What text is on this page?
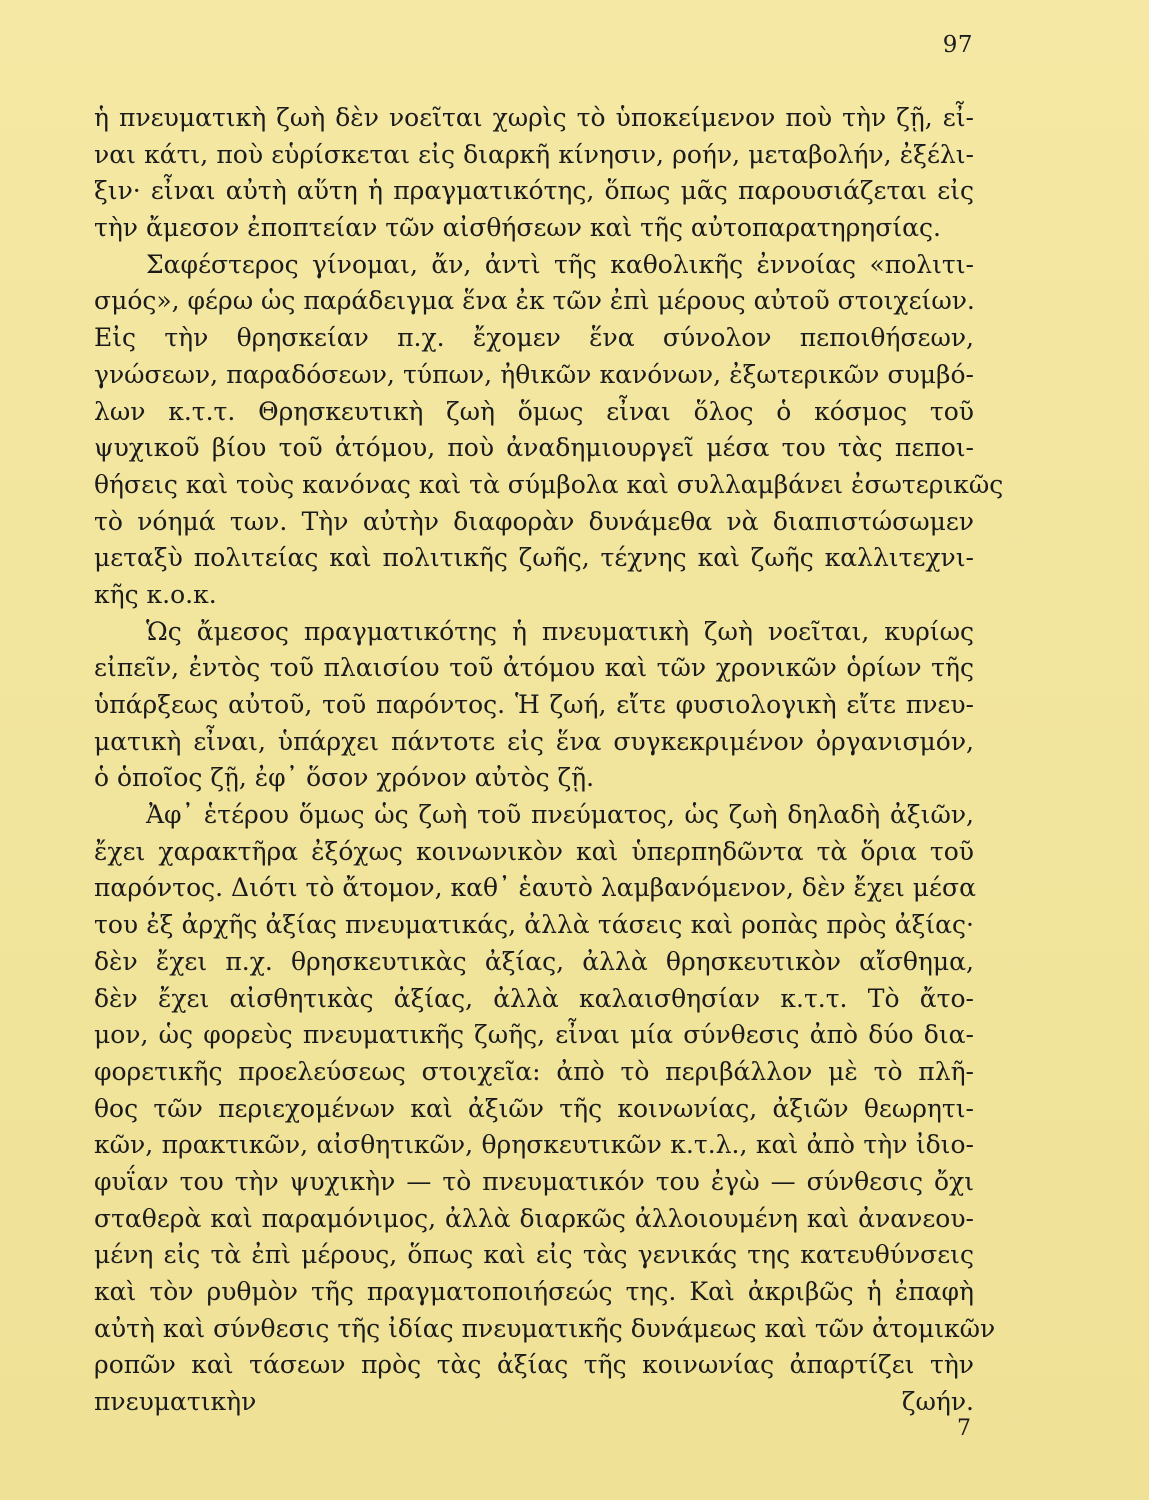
97
ἡ πνευματικὴ ζωὴ δὲν νοεῖται χωρὶς τὸ ὑποκείμενον ποὺ τὴν ζῇ, εἶ-
ναι κάτι, ποὺ εὑρίσκεται εἰς διαρκῆ κίνησιν, ροήν, μεταβολήν, ἐξέλι-
ξιν· εἶναι αὐτὴ αὕτη ἡ πραγματικότης, ὅπως μᾶς παρουσιάζεται εἰς
τὴν ἄμεσον ἐποπτείαν τῶν αἰσθήσεων καὶ τῆς αὐτοπαρατηρησίας.
Σαφέστερος γίνομαι, ἄν, ἀντὶ τῆς καθολικῆς ἐννοίας «πολιτι-
σμός», φέρω ὡς παράδειγμα ἕνα ἐκ τῶν ἐπὶ μέρους αὐτοῦ στοιχείων.
Εἰς τὴν θρησκείαν π.χ. ἔχομεν ἕνα σύνολον πεποιθήσεων,
γνώσεων, παραδόσεων, τύπων, ἠθικῶν κανόνων, ἐξωτερικῶν συμβό-
λων κ.τ.τ. Θρησκευτικὴ ζωὴ ὅμως εἶναι ὅλος ὁ κόσμος τοῦ
ψυχικοῦ βίου τοῦ ἀτόμου, ποὺ ἀναδημιουργεῖ μέσα του τὰς πεποι-
θήσεις καὶ τοὺς κανόνας καὶ τὰ σύμβολα καὶ συλλαμβάνει ἐσωτερικῶς
τὸ νόημά των. Τὴν αὐτὴν διαφορὰν δυνάμεθα νὰ διαπιστώσωμεν
μεταξὺ πολιτείας καὶ πολιτικῆς ζωῆς, τέχνης καὶ ζωῆς καλλιτεχνι-
κῆς κ.ο.κ.
Ὡς ἄμεσος πραγματικότης ἡ πνευματικὴ ζωὴ νοεῖται, κυρίως
εἰπεῖν, ἐντὸς τοῦ πλαισίου τοῦ ἀτόμου καὶ τῶν χρονικῶν ὁρίων τῆς
ὑπάρξεως αὐτοῦ, τοῦ παρόντος. Ἡ ζωή, εἴτε φυσιολογικὴ εἴτε πνευ-
ματικὴ εἶναι, ὑπάρχει πάντοτε εἰς ἕνα συγκεκριμένον ὀργανισμόν,
ὁ ὁποῖος ζῇ, ἐφ᾽ ὅσον χρόνον αὐτὸς ζῇ.
Ἀφ᾽ ἑτέρου ὅμως ὡς ζωὴ τοῦ πνεύματος, ὡς ζωὴ δηλαδὴ ἀξιῶν,
ἔχει χαρακτῆρα ἐξόχως κοινωνικὸν καὶ ὑπερπηδῶντα τὰ ὅρια τοῦ
παρόντος. Διότι τὸ ἄτομον, καθ᾽ ἑαυτὸ λαμβανόμενον, δὲν ἔχει μέσα
του ἐξ ἀρχῆς ἀξίας πνευματικάς, ἀλλὰ τάσεις καὶ ροπὰς πρὸς ἀξίας·
δὲν ἔχει π.χ. θρησκευτικὰς ἀξίας, ἀλλὰ θρησκευτικὸν αἴσθημα,
δὲν ἔχει αἰσθητικὰς ἀξίας, ἀλλὰ καλαισθησίαν κ.τ.τ. Τὸ ἄτο-
μον, ὡς φορεὺς πνευματικῆς ζωῆς, εἶναι μία σύνθεσις ἀπὸ δύο δια-
φορετικῆς προελεύσεως στοιχεῖα: ἀπὸ τὸ περιβάλλον μὲ τὸ πλῆ-
θος τῶν περιεχομένων καὶ ἀξιῶν τῆς κοινωνίας, ἀξιῶν θεωρητι-
κῶν, πρακτικῶν, αἰσθητικῶν, θρησκευτικῶν κ.τ.λ., καὶ ἀπὸ τὴν ἰδιο-
φυΐαν του τὴν ψυχικὴν — τὸ πνευματικόν του ἐγὼ — σύνθεσις ὄχι
σταθερὰ καὶ παραμόνιμος, ἀλλὰ διαρκῶς ἀλλοιουμένη καὶ ἀνανεου-
μένη εἰς τὰ ἐπὶ μέρους, ὅπως καὶ εἰς τὰς γενικάς της κατευθύνσεις
καὶ τὸν ρυθμὸν τῆς πραγματοποιήσεώς της. Καὶ ἀκριβῶς ἡ ἐπαφὴ
αὐτὴ καὶ σύνθεσις τῆς ἰδίας πνευματικῆς δυνάμεως καὶ τῶν ἀτομικῶν
ροπῶν καὶ τάσεων πρὸς τὰς ἀξίας τῆς κοινωνίας ἀπαρτίζει τὴν
πνευματικὴν ζωήν.
7
